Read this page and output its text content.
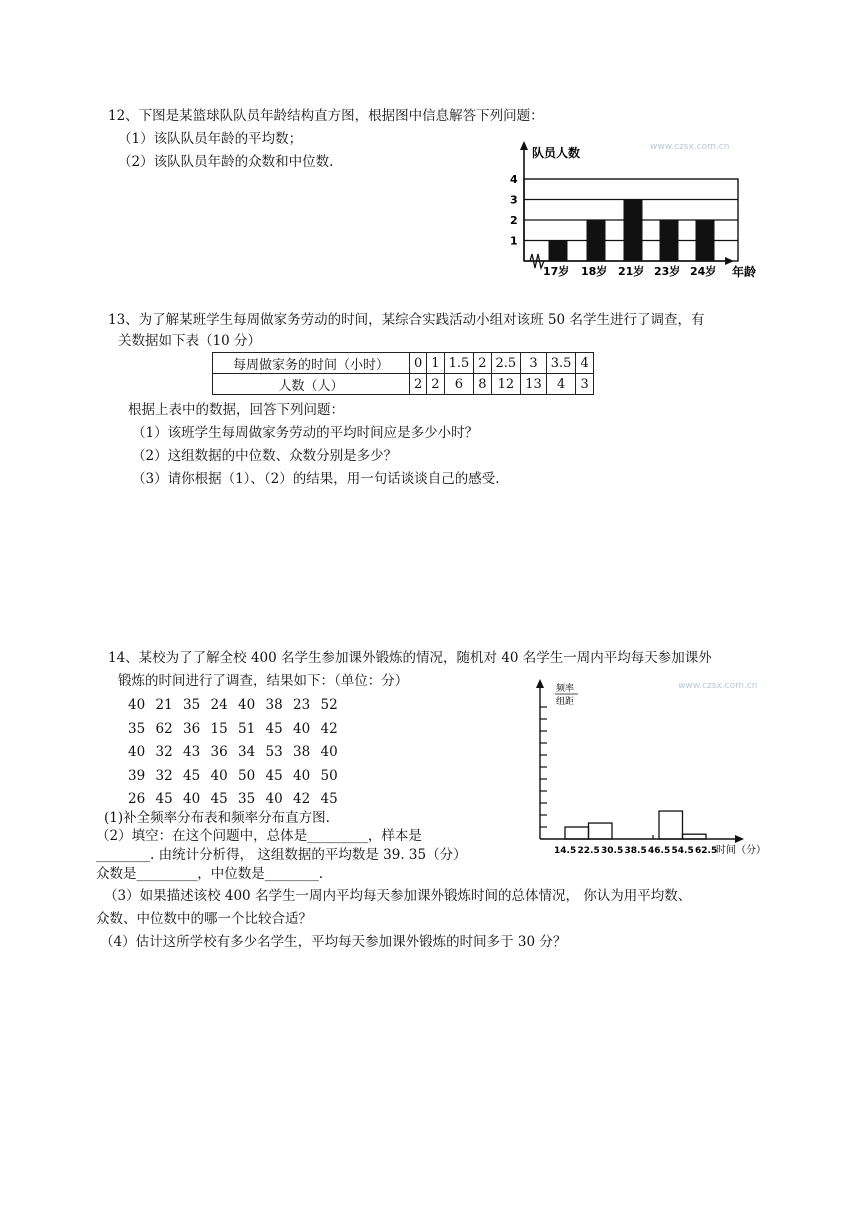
12、下图是某篮球队队员年龄结构直方图，根据图中信息解答下列问题：
（1）该队队员年龄的平均数；
（2）该队队员年龄的众数和中位数.
www.czsx.com.cn
队员人数
1
2
3
4
17岁 18岁 21岁 23岁 24岁 年龄
13、为了解某班学生每周做家务劳动的时间，某综合实践活动小组对该班 50 名学生进行了调查，有
关数据如下表（10 分）
每周做家务的时间（小时）	0	1	1.5	2	2.5	3	3.5	4
人数（人）	2	2	6	8	12	13	4	3
根据上表中的数据，回答下列问题：
（1）该班学生每周做家务劳动的平均时间应是多少小时？
（2）这组数据的中位数、众数分别是多少？
（3）请你根据（1）、（2）的结果，用一句话谈谈自己的感受.
14、某校为了了解全校 400 名学生参加课外锻炼的情况，随机对 40 名学生一周内平均每天参加课外
锻炼的时间进行了调查，结果如下：（单位：分）
40 21 35 24 40 38 23 52
35 62 36 15 51 45 40 42
40 32 43 36 34 53 38 40
39 32 45 40 50 45 40 50
26 45 40 45 35 40 42 45
(1)补全频率分布表和频率分布直方图.
（2）填空：在这个问题中，总体是_________，样本是
________. 由统计分析得， 这组数据的平均数是 39. 35（分）
众数是_________，中位数是________.
（3）如果描述该校 400 名学生一周内平均每天参加课外锻炼时间的总体情况， 你认为用平均数、
众数、中位数中的哪一个比较合适？
（4）估计这所学校有多少名学生，平均每天参加课外锻炼的时间多于 30 分？
www.czsx.com.cn
频率
组距
14.5 22.5 30.5 38.5 46.5 54.5 62.5
时间（分）
